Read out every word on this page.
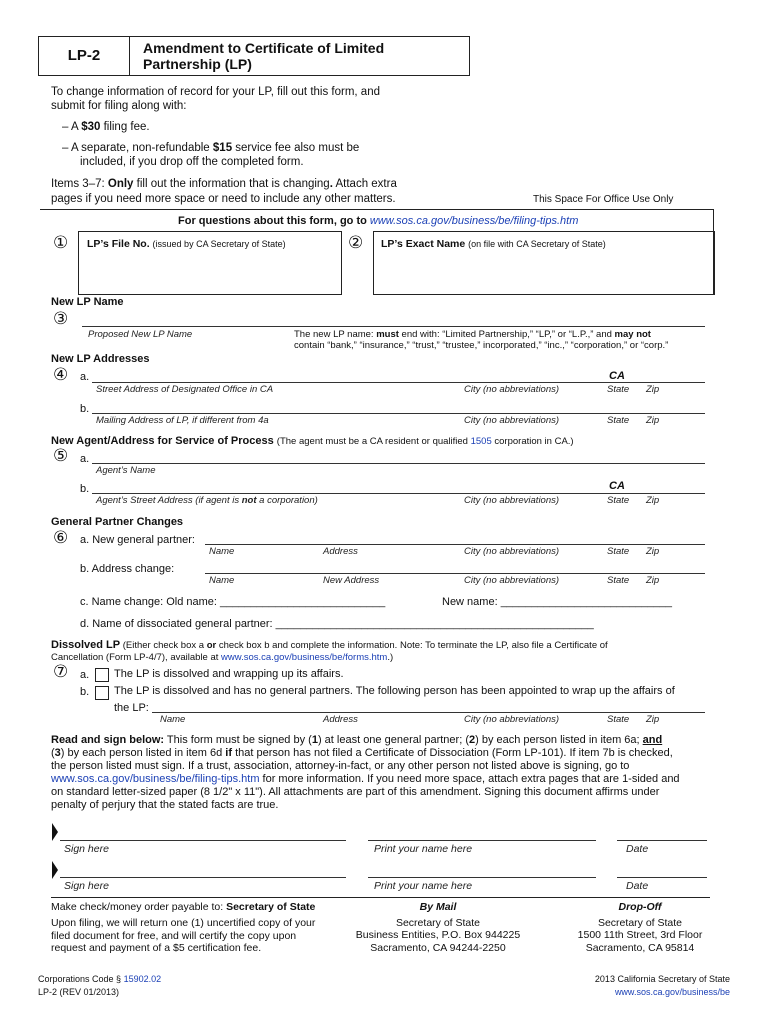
LP-2	Amendment to Certificate of Limited
Partnership (LP)
To change information of record for your LP, fill out this form, and
submit for filing along with:
– A $30 filing fee.
– A separate, non-refundable $15 service fee also must be
included, if you drop off the completed form.
Items 3–7: Only fill out the information that is changing. Attach extra
pages if you need more space or need to include any other matters.	This Space For Office Use Only
For questions about this form, go to www.sos.ca.gov/business/be/filing-tips.htm
① LP’s File No. (issued by CA Secretary of State)	② LP’s Exact Name (on file with CA Secretary of State)
New LP Name
③
Proposed New LP Name	The new LP name: must end with: “Limited Partnership,” “LP,” or “L.P.,” and may not
contain “bank,” “insurance,” “trust,” “trustee,” incorporated,” “inc.,” “corporation,” or “corp.”
New LP Addresses
④ a.	CA
Street Address of Designated Office in CA	City (no abbreviations)	State Zip
b.
Mailing Address of LP, if different from 4a	City (no abbreviations)	State Zip
New Agent/Address for Service of Process (The agent must be a CA resident or qualified 1505 corporation in CA.)
⑤ a.
Agent’s Name
b.	CA
Agent’s Street Address (if agent is not a corporation)	City (no abbreviations)	State Zip
General Partner Changes
⑥ a. New general partner:
Name	Address	City (no abbreviations)	State Zip
b. Address change:
Name	New Address	City (no abbreviations)	State Zip
c. Name change: Old name: ___________________________	New name: ____________________________
d. Name of dissociated general partner: ____________________________________________________
Dissolved LP (Either check box a or check box b and complete the information. Note: To terminate the LP, also file a Certificate of
Cancellation (Form LP-4/7), available at www.sos.ca.gov/business/be/forms.htm.)
⑦ a. The LP is dissolved and wrapping up its affairs.
b. The LP is dissolved and has no general partners. The following person has been appointed to wrap up the affairs of
the LP:
Name	Address	City (no abbreviations)	State Zip
Read and sign below: This form must be signed by (1) at least one general partner; (2) by each person listed in item 6a; and
(3) by each person listed in item 6d if that person has not filed a Certificate of Dissociation (Form LP-101). If item 7b is checked,
the person listed must sign. If a trust, association, attorney-in-fact, or any other person not listed above is signing, go to
www.sos.ca.gov/business/be/filing-tips.htm for more information. If you need more space, attach extra pages that are 1-sided and
on standard letter-sized paper (8 1/2" x 11"). All attachments are part of this amendment. Signing this document affirms under
penalty of perjury that the stated facts are true.
Sign here	Print your name here	Date
Sign here	Print your name here	Date
Make check/money order payable to: Secretary of State
Upon filing, we will return one (1) uncertified copy of your
filed document for free, and will certify the copy upon
request and payment of a $5 certification fee.
By Mail
Secretary of State
Business Entities, P.O. Box 944225
Sacramento, CA 94244-2250
Drop-Off
Secretary of State
1500 11th Street, 3rd Floor
Sacramento, CA 95814
Corporations Code § 15902.02
LP-2 (REV 01/2013)
2013 California Secretary of State
www.sos.ca.gov/business/be
